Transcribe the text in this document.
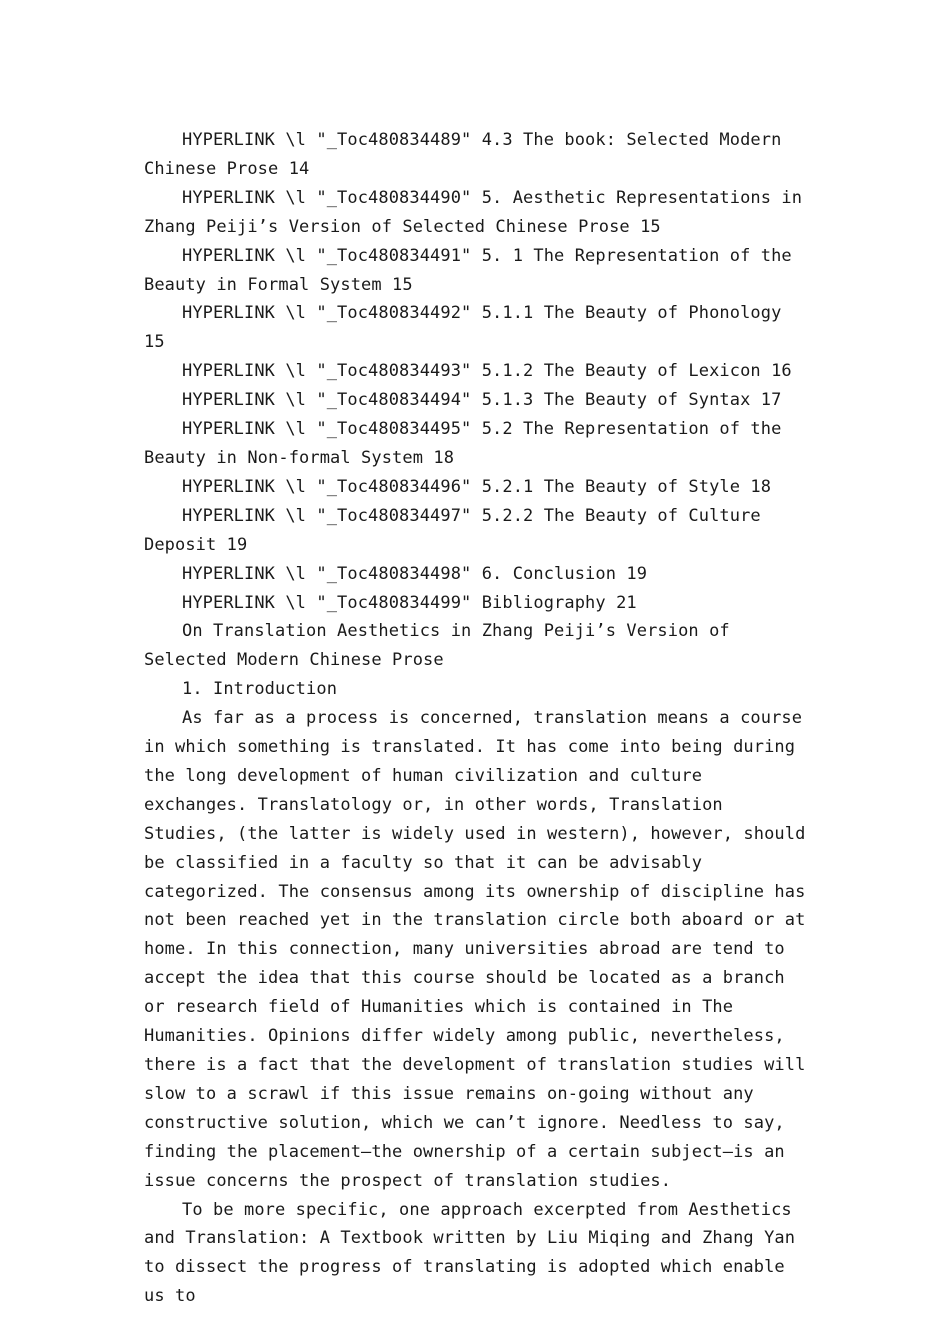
HYPERLINK \l "_Toc480834489" 4.3 The book: Selected Modern Chinese Prose 14

HYPERLINK \l "_Toc480834490" 5. Aesthetic Representations in Zhang Peiji’s Version of Selected Chinese Prose 15

HYPERLINK \l "_Toc480834491" 5. 1 The Representation of the Beauty in Formal System 15

HYPERLINK \l "_Toc480834492" 5.1.1 The Beauty of Phonology 15

HYPERLINK \l "_Toc480834493" 5.1.2 The Beauty of Lexicon 16

HYPERLINK \l "_Toc480834494" 5.1.3 The Beauty of Syntax 17

HYPERLINK \l "_Toc480834495" 5.2 The Representation of the Beauty in Non-formal System 18

HYPERLINK \l "_Toc480834496" 5.2.1 The Beauty of Style 18

HYPERLINK \l "_Toc480834497" 5.2.2 The Beauty of Culture Deposit 19

HYPERLINK \l "_Toc480834498" 6. Conclusion 19

HYPERLINK \l "_Toc480834499" Bibliography 21

On Translation Aesthetics in Zhang Peiji’s Version of Selected Modern Chinese Prose

1. Introduction

As far as a process is concerned, translation means a course in which something is translated. It has come into being during the long development of human civilization and culture exchanges. Translatology or, in other words, Translation Studies, (the latter is widely used in western), however, should be classified in a faculty so that it can be advisably categorized. The consensus among its ownership of discipline has not been reached yet in the translation circle both aboard or at home. In this connection, many universities abroad are tend to accept the idea that this course should be located as a branch or research field of Humanities which is contained in The Humanities. Opinions differ widely among public, nevertheless, there is a fact that the development of translation studies will slow to a scrawl if this issue remains on-going without any constructive solution, which we can’t ignore. Needless to say, finding the placement—the ownership of a certain subject—is an issue concerns the prospect of translation studies.

To be more specific, one approach excerpted from Aesthetics and Translation: A Textbook written by Liu Miqing and Zhang Yan to dissect the progress of translating is adopted which enable us to
